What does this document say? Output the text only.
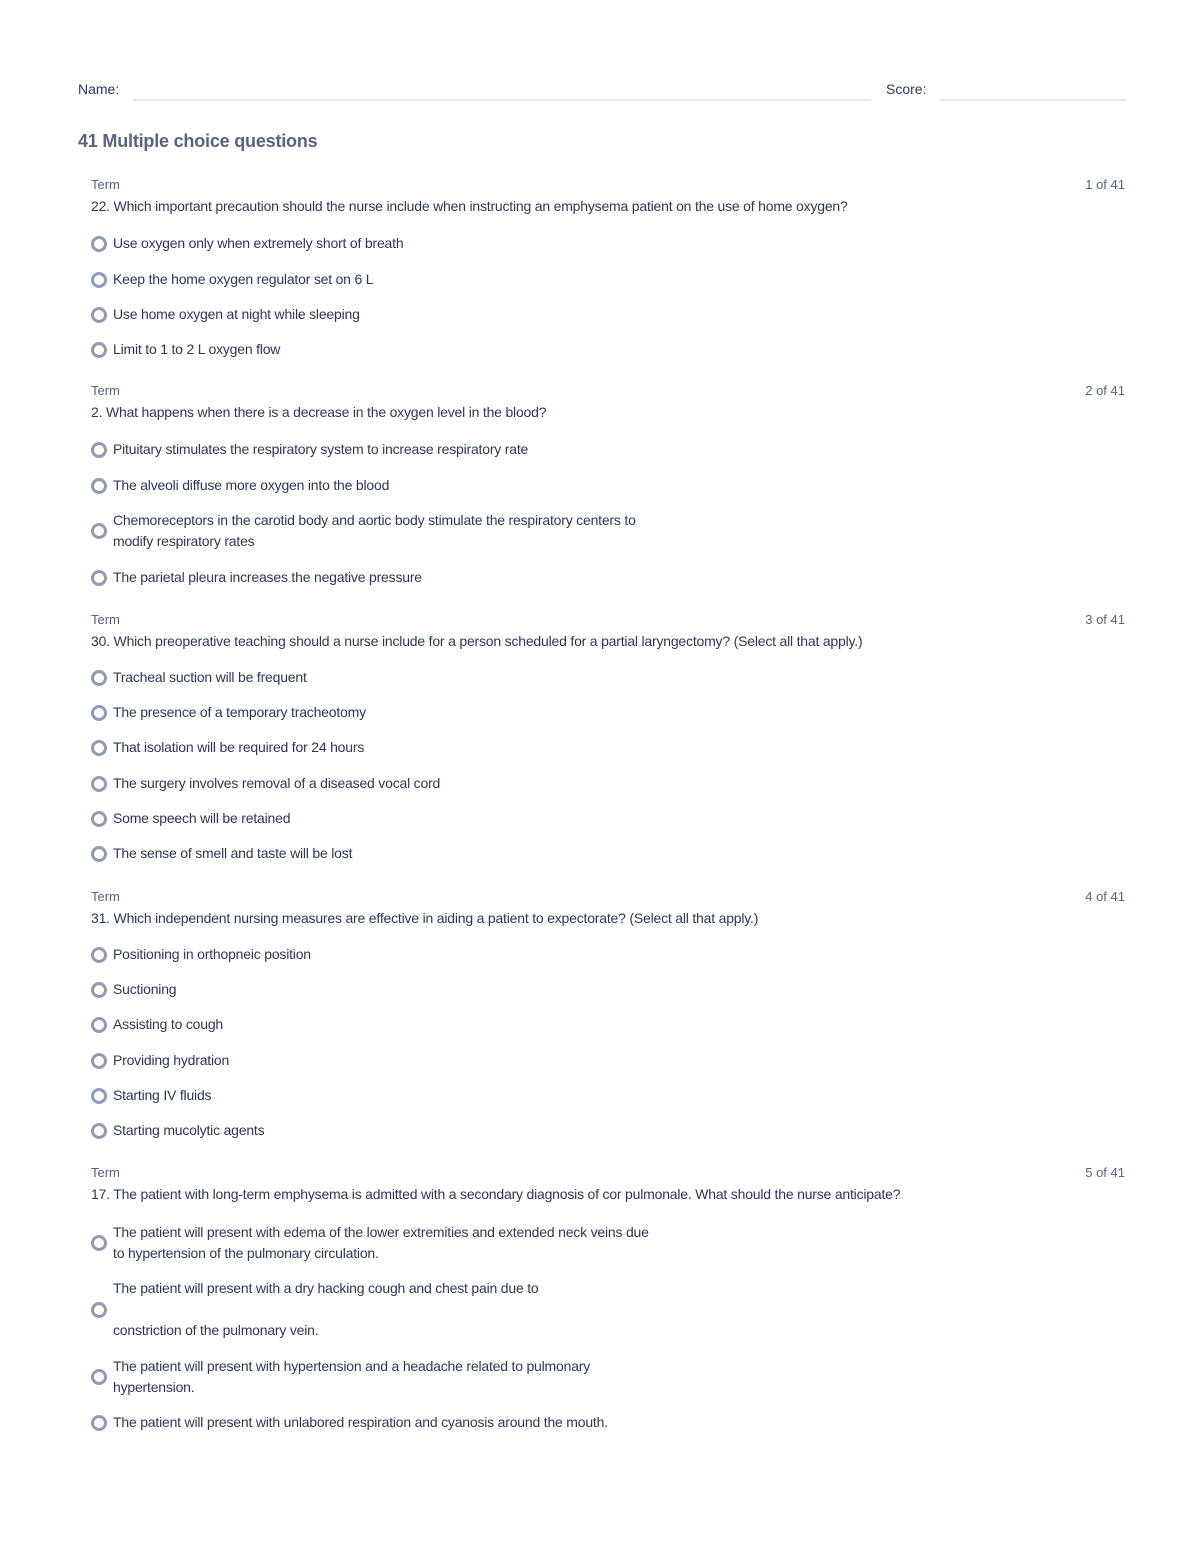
Name:	Score:
41 Multiple choice questions
Term	1 of 41
22. Which important precaution should the nurse include when instructing an emphysema patient on the use of home oxygen?
Use oxygen only when extremely short of breath
Keep the home oxygen regulator set on 6 L
Use home oxygen at night while sleeping
Limit to 1 to 2 L oxygen flow
Term	2 of 41
2. What happens when there is a decrease in the oxygen level in the blood?
Pituitary stimulates the respiratory system to increase respiratory rate
The alveoli diffuse more oxygen into the blood
Chemoreceptors in the carotid body and aortic body stimulate the respiratory centers to modify respiratory rates
The parietal pleura increases the negative pressure
Term	3 of 41
30. Which preoperative teaching should a nurse include for a person scheduled for a partial laryngectomy? (Select all that apply.)
Tracheal suction will be frequent
The presence of a temporary tracheotomy
That isolation will be required for 24 hours
The surgery involves removal of a diseased vocal cord
Some speech will be retained
The sense of smell and taste will be lost
Term	4 of 41
31. Which independent nursing measures are effective in aiding a patient to expectorate? (Select all that apply.)
Positioning in orthopneic position
Suctioning
Assisting to cough
Providing hydration
Starting IV fluids
Starting mucolytic agents
Term	5 of 41
17. The patient with long-term emphysema is admitted with a secondary diagnosis of cor pulmonale. What should the nurse anticipate?
The patient will present with edema of the lower extremities and extended neck veins due to hypertension of the pulmonary circulation.
The patient will present with a dry hacking cough and chest pain due to
constriction of the pulmonary vein.
The patient will present with hypertension and a headache related to pulmonary hypertension.
The patient will present with unlabored respiration and cyanosis around the mouth.
